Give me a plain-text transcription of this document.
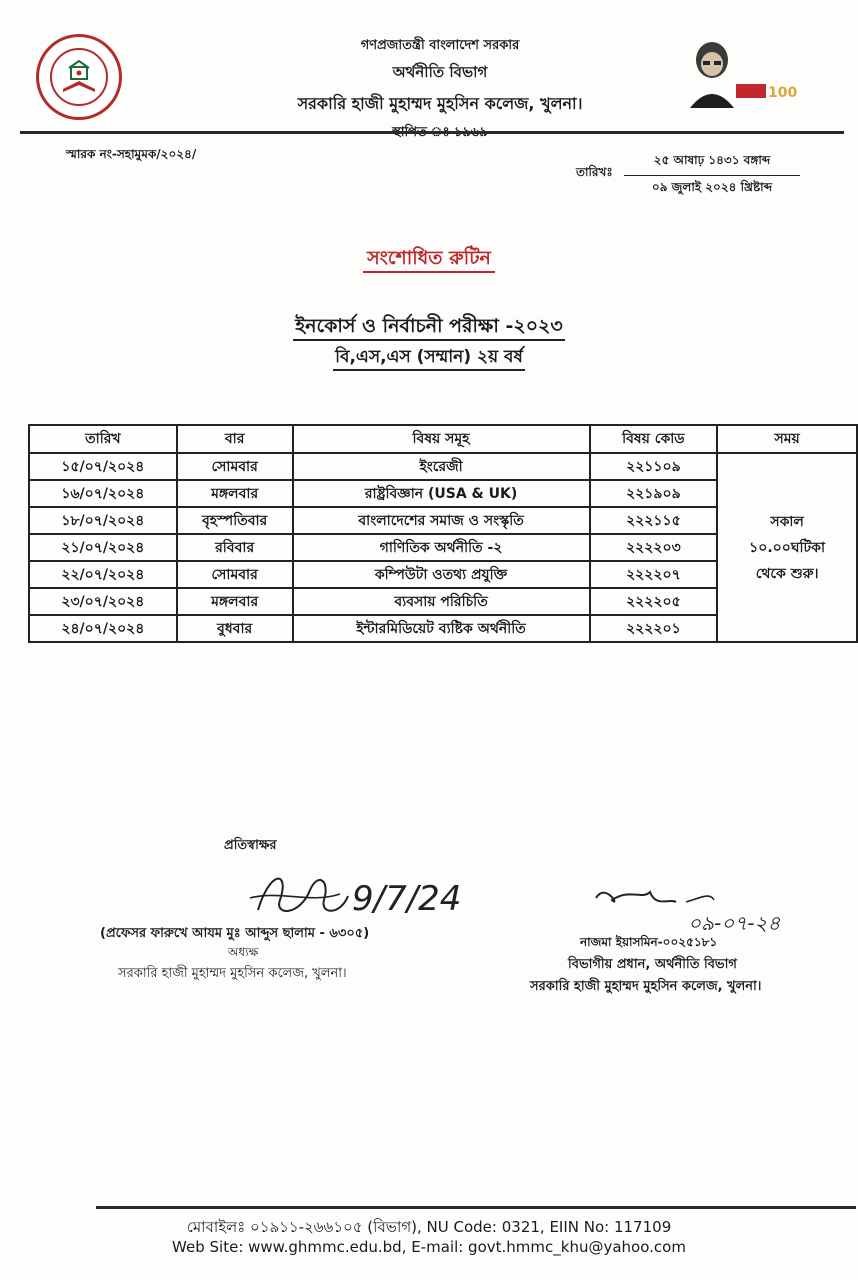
গণপ্রজাতন্ত্রী বাংলাদেশ সরকার
অর্থনীতি বিভাগ
সরকারি হাজী মুহাম্মদ মুহসিন কলেজ, খুলনা।
100
স্মারক নং-সহামুমক/২০২৪/
তারিখঃ
২৫ আষাঢ় ১৪৩১ বঙ্গাব্দ
০৯ জুলাই ২০২৪ খ্রিষ্টাব্দ
সংশোধিত রুটিন
ইনকোর্স ও নির্বাচনী পরীক্ষা -২০২৩
বি,এস,এস (সম্মান) ২য় বর্ষ
তারিখ	বার	বিষয় সমূহ	বিষয় কোড	সময়
১৫/০৭/২০২৪	সোমবার	ইংরেজী	২২১১০৯	সকাল
১০.০০ঘটিকা
থেকে শুরু।

১৬/০৭/২০২৪	মঙ্গলবার	রাষ্ট্রবিজ্ঞান (USA & UK)	২২১৯০৯	
১৮/০৭/২০২৪	বৃহস্পতিবার	বাংলাদেশের সমাজ ও সংস্কৃতি	২২২১১৫	
২১/০৭/২০২৪	রবিবার	গাণিতিক অর্থনীতি -২	২২২২০৩	
২২/০৭/২০২৪	সোমবার	কম্পিউটা ওতথ্য প্রযুক্তি	২২২২০৭	
২৩/০৭/২০২৪	মঙ্গলবার	ব্যবসায় পরিচিতি	২২২২০৫	
২৪/০৭/২০২৪	বুধবার	ইন্টারমিডিয়েট ব্যষ্টিক অর্থনীতি	২২২২০১	
প্রতিস্বাক্ষর
9/7/24
(প্রফেসর ফারুখে আযম মুঃ আব্দুস ছালাম - ৬৩০৫)
অধ্যক্ষ
সরকারি হাজী মুহাম্মদ মুহসিন কলেজ, খুলনা।
০৯-০৭-২৪
নাজমা ইয়াসমিন-০০২৫১৮১
বিভাগীয় প্রধান, অর্থনীতি বিভাগ
সরকারি হাজী মুহাম্মদ মুহসিন কলেজ, খুলনা।
মোবাইলঃ ০১৯১১-২৬৬১০৫ (বিভাগ), NU Code: 0321, EIIN No: 117109
Web Site: www.ghmmc.edu.bd, E-mail: govt.hmmc_khu@yahoo.com
